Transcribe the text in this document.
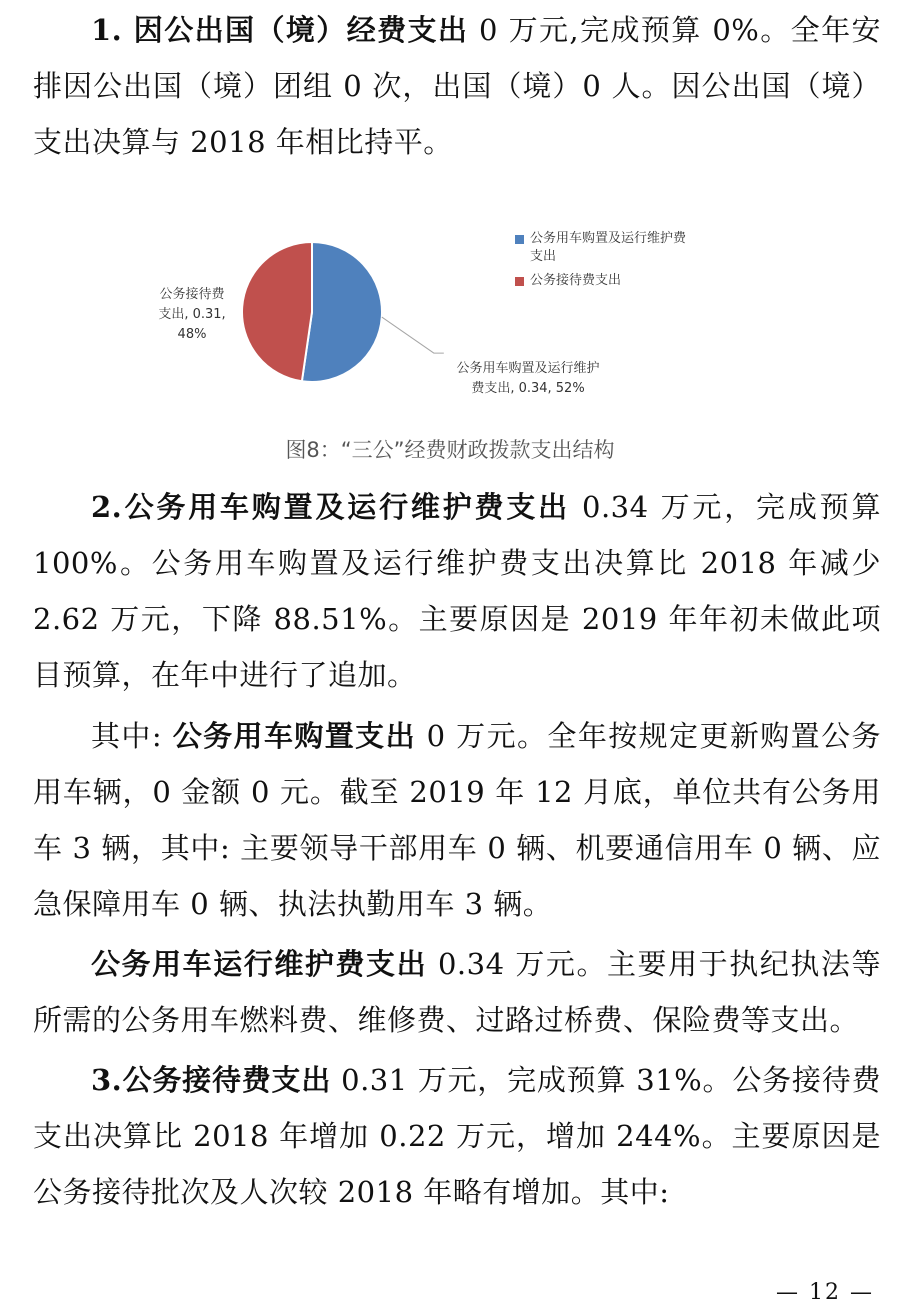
1. 因公出国（境）经费支出 0 万元,完成预算 0%。全年安排因公出国（境）团组 0 次，出国（境）0 人。因公出国（境）支出决算与 2018 年相比持平。

公务用车购置及运行维护
费支出, 0.34, 52%
公务接待费
支出, 0.31,
48%
公务用车购置及运行维护费支出
公务接待费支出
图8：“三公”经费财政拨款支出结构

2.公务用车购置及运行维护费支出 0.34 万元，完成预算 100%。公务用车购置及运行维护费支出决算比 2018 年减少 2.62 万元，下降 88.51%。主要原因是 2019 年年初未做此项目预算，在年中进行了追加。

其中: 公务用车购置支出 0 万元。全年按规定更新购置公务用车辆，0 金额 0 元。截至 2019 年 12 月底，单位共有公务用车 3 辆，其中: 主要领导干部用车 0 辆、机要通信用车 0 辆、应急保障用车 0 辆、执法执勤用车 3 辆。

公务用车运行维护费支出 0.34 万元。主要用于执纪执法等所需的公务用车燃料费、维修费、过路过桥费、保险费等支出。

3.公务接待费支出 0.31 万元，完成预算 31%。公务接待费支出决算比 2018 年增加 0.22 万元，增加 244%。主要原因是公务接待批次及人次较 2018 年略有增加。其中:

— 12 —
